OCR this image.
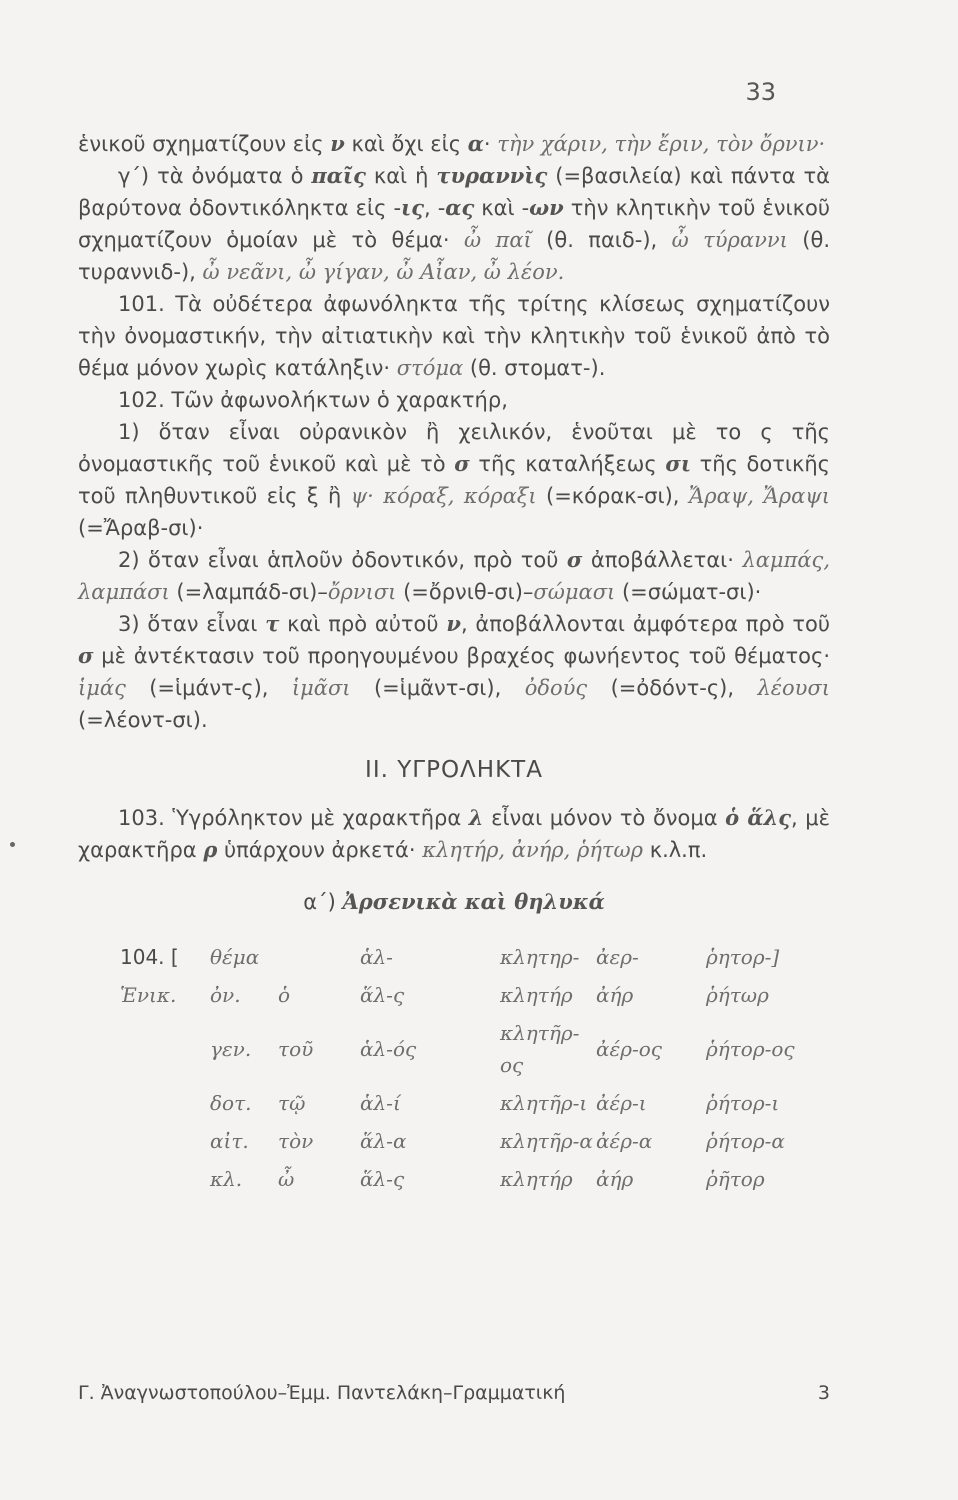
33

ἑνικοῦ σχηματίζουν εἰς ν καὶ ὄχι εἰς α· τὴν χάριν, τὴν ἔριν, τὸν ὄρνιν·

γ΄) τὰ ὀνόματα ὁ παῖς καὶ ἡ τυραννὶς (=βασιλεία) καὶ πάντα τὰ βαρύτονα ὀδοντικόληκτα εἰς -ις, -ας καὶ -ων τὴν κλητικὴν τοῦ ἑνικοῦ σχηματίζουν ὁμοίαν μὲ τὸ θέμα· ὦ παῖ (θ. παιδ-), ὦ τύραννι (θ. τυραννιδ-), ὦ νεᾶνι, ὦ γίγαν, ὦ Αἶαν, ὦ λέον.

101. Τὰ οὐδέτερα ἀφωνόληκτα τῆς τρίτης κλίσεως σχηματίζουν τὴν ὀνομαστικήν, τὴν αἰτιατικὴν καὶ τὴν κλητικὴν τοῦ ἑνικοῦ ἀπὸ τὸ θέμα μόνον χωρὶς κατάληξιν· στόμα (θ. στοματ-).

102. Τῶν ἀφωνολήκτων ὁ χαρακτήρ,

1) ὅταν εἶναι οὐρανικὸν ἢ χειλικόν, ἑνοῦται μὲ το ς τῆς ὀνομαστικῆς τοῦ ἑνικοῦ καὶ μὲ τὸ σ τῆς καταλήξεως σι τῆς δοτικῆς τοῦ πληθυντικοῦ εἰς ξ ἢ ψ· κόραξ, κόραξι (=κόρακ-σι), Ἄραψ, Ἄραψι (=Ἄραβ-σι)·

2) ὅταν εἶναι ἁπλοῦν ὀδοντικόν, πρὸ τοῦ σ ἀποβάλλεται· λαμπάς, λαμπάσι (=λαμπάδ-σι)–ὄρνισι (=ὄρνιθ-σι)–σώμασι (=σώματ-σι)·

3) ὅταν εἶναι τ καὶ πρὸ αὐτοῦ ν, ἀποβάλλονται ἀμφότερα πρὸ τοῦ σ μὲ ἀντέκτασιν τοῦ προηγουμένου βραχέος φωνήεντος τοῦ θέματος· ἱμάς (=ἱμάντ-ς), ἱμᾶσι (=ἱμᾶντ-σι), ὀδούς (=ὀδόντ-ς), λέουσι (=λέοντ-σι).

ΙΙ. ΥΓΡΟΛΗΚΤΑ

103. Ὑγρόληκτον μὲ χαρακτῆρα λ εἶναι μόνον τὸ ὄνομα ὁ ἅλς, μὲ χαρακτῆρα ρ ὑπάρχουν ἀρκετά· κλητήρ, ἀνήρ, ῥήτωρ κ.λ.π.

α΄) Ἀρσενικὰ καὶ θηλυκά

104. [	θέμα		ἁλ-	κλητηρ-	ἀερ-	ῥητορ-]
Ἑνικ.	ὀν.	ὁ	ἅλ-ς	κλητήρ	ἀήρ	ῥήτωρ
	γεν.	τοῦ	ἁλ-ός	κλητῆρ-ος	ἀέρ-ος	ῥήτορ-ος
	δοτ.	τῷ	ἁλ-ί	κλητῆρ-ι	ἀέρ-ι	ῥήτορ-ι
	αἰτ.	τὸν	ἅλ-α	κλητῆρ-α	ἀέρ-α	ῥήτορ-α
	κλ.	ὦ	ἅλ-ς	κλητήρ	ἀήρ	ῥῆτορ
Γ. Ἀναγνωστοπούλου–Ἐμμ. Παντελάκη–Γραμματική	3
